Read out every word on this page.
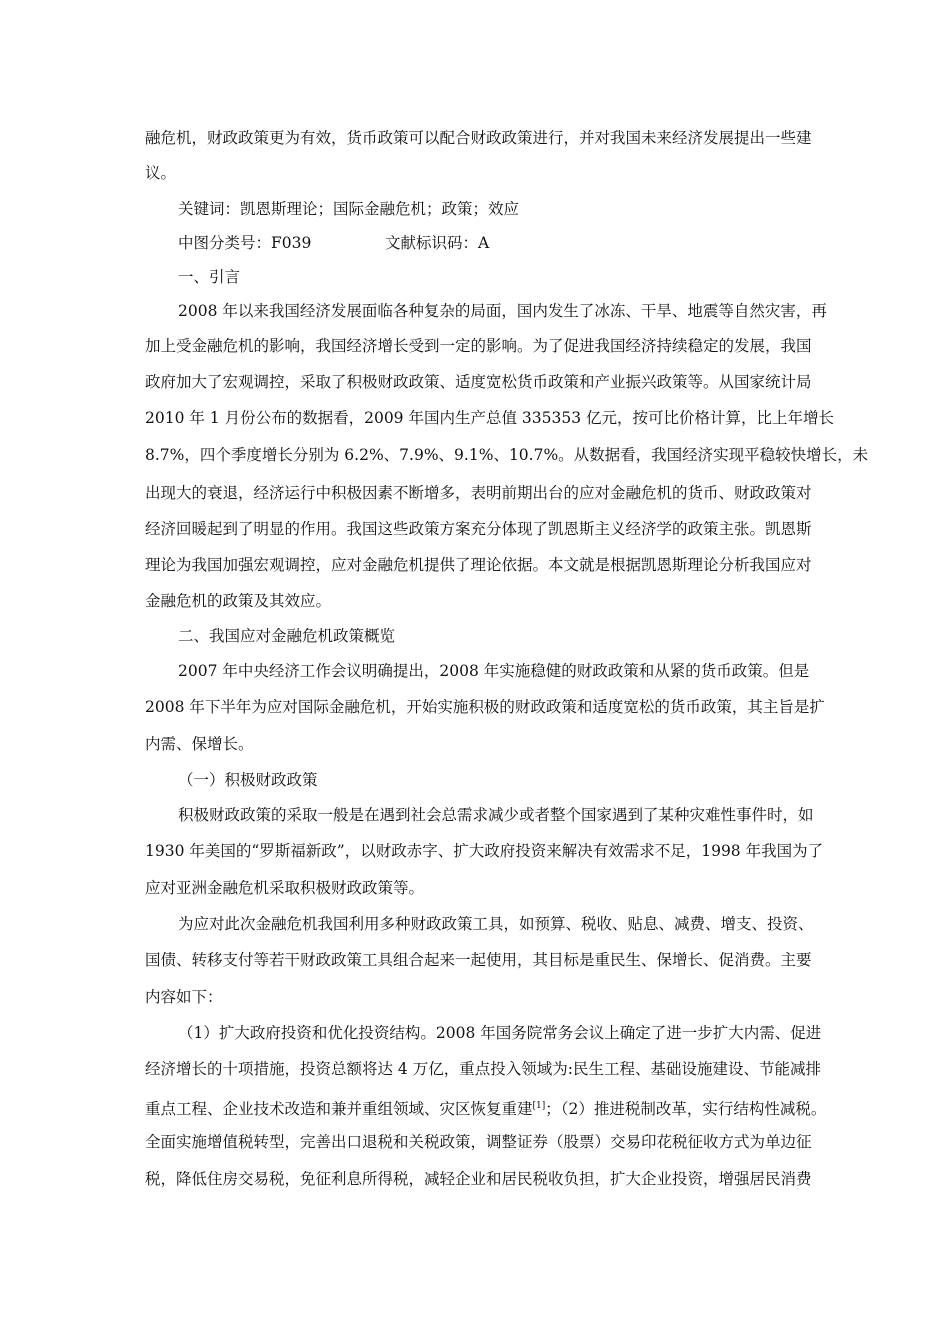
融危机，财政政策更为有效，货币政策可以配合财政政策进行，并对我国未来经济发展提出一些建
议。
关键词：凯恩斯理论；国际金融危机；政策；效应
中图分类号：F039	文献标识码：A
一、引言
2008 年以来我国经济发展面临各种复杂的局面，国内发生了冰冻、干旱、地震等自然灾害，再
加上受金融危机的影响，我国经济增长受到一定的影响。为了促进我国经济持续稳定的发展，我国
政府加大了宏观调控，采取了积极财政政策、适度宽松货币政策和产业振兴政策等。从国家统计局
2010 年 1 月份公布的数据看，2009 年国内生产总值 335353 亿元，按可比价格计算，比上年增长
8.7%，四个季度增长分别为 6.2%、7.9%、9.1%、10.7%。从数据看，我国经济实现平稳较快增长，未
出现大的衰退，经济运行中积极因素不断增多，表明前期出台的应对金融危机的货币、财政政策对
经济回暖起到了明显的作用。我国这些政策方案充分体现了凯恩斯主义经济学的政策主张。凯恩斯
理论为我国加强宏观调控，应对金融危机提供了理论依据。本文就是根据凯恩斯理论分析我国应对
金融危机的政策及其效应。
二、我国应对金融危机政策概览
2007 年中央经济工作会议明确提出，2008 年实施稳健的财政政策和从紧的货币政策。但是
2008 年下半年为应对国际金融危机，开始实施积极的财政政策和适度宽松的货币政策，其主旨是扩
内需、保增长。
（一）积极财政政策
积极财政政策的采取一般是在遇到社会总需求减少或者整个国家遇到了某种灾难性事件时，如
1930 年美国的“罗斯福新政”，以财政赤字、扩大政府投资来解决有效需求不足，1998 年我国为了
应对亚洲金融危机采取积极财政政策等。
为应对此次金融危机我国利用多种财政政策工具，如预算、税收、贴息、减费、增支、投资、
国债、转移支付等若干财政政策工具组合起来一起使用，其目标是重民生、保增长、促消费。主要
内容如下：
（1）扩大政府投资和优化投资结构。2008 年国务院常务会议上确定了进一步扩大内需、促进
经济增长的十项措施，投资总额将达 4 万亿，重点投入领域为:民生工程、基础设施建设、节能减排
重点工程、企业技术改造和兼并重组领域、灾区恢复重建[1]；（2）推进税制改革，实行结构性减税。
全面实施增值税转型，完善出口退税和关税政策，调整证券（股票）交易印花税征收方式为单边征
税，降低住房交易税，免征利息所得税，减轻企业和居民税收负担，扩大企业投资，增强居民消费
